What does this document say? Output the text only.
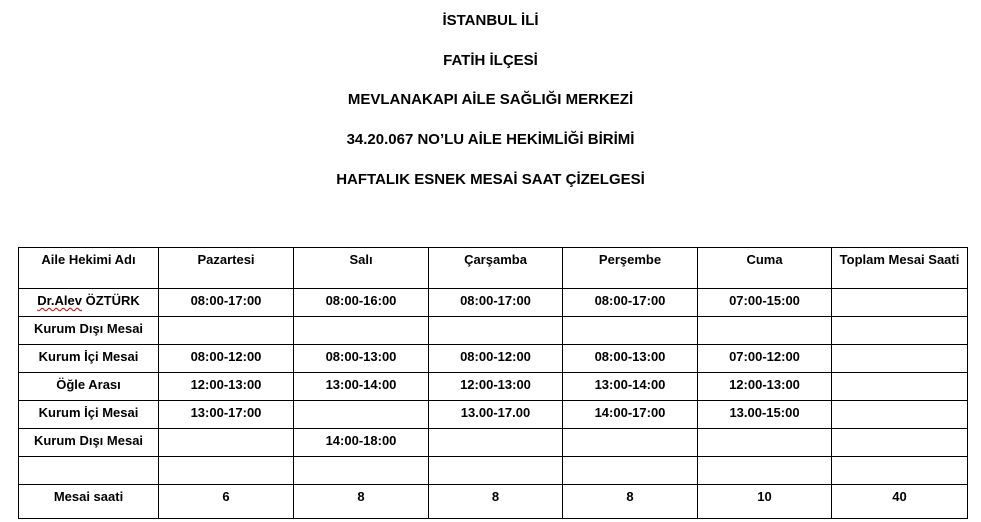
İSTANBUL İLİ
FATİH İLÇESİ
MEVLANAKAPI AİLE SAĞLIĞI MERKEZİ
34.20.067 NO’LU AİLE HEKİMLİĞİ BİRİMİ
HAFTALIK ESNEK MESAİ SAAT ÇİZELGESİ
Aile Hekimi Adı	Pazartesi	Salı	Çarşamba	Perşembe	Cuma	Toplam Mesai Saati
Dr.Alev ÖZTÜRK	08:00-17:00	08:00-16:00	08:00-17:00	08:00-17:00	07:00-15:00	
Kurum Dışı Mesai						
Kurum İçi Mesai	08:00-12:00	08:00-13:00	08:00-12:00	08:00-13:00	07:00-12:00	
Öğle Arası	12:00-13:00	13:00-14:00	12:00-13:00	13:00-14:00	12:00-13:00	
Kurum İçi Mesai	13:00-17:00		13.00-17.00	14:00-17:00	13.00-15:00	
Kurum Dışı Mesai		14:00-18:00				

Mesai saati	6	8	8	8	10	40
